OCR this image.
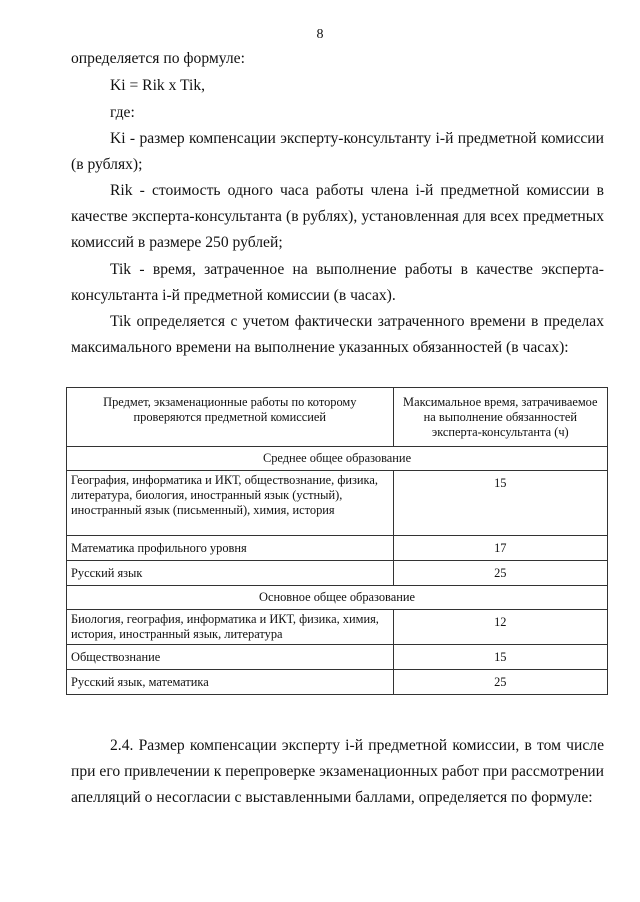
8

определяется по формуле:

Ki = Rik x Tik,

где:

Ki - размер компенсации эксперту-консультанту i-й предметной комиссии (в рублях);

Rik - стоимость одного часа работы члена i-й предметной комиссии в качестве эксперта-консультанта (в рублях), установленная для всех предметных комиссий в размере 250 рублей;

Tik - время, затраченное на выполнение работы в качестве эксперта-консультанта i-й предметной комиссии (в часах).

Tik определяется с учетом фактически затраченного времени в пределах максимального времени на выполнение указанных обязанностей (в часах):

Предмет, экзаменационные работы по которому проверяются предметной комиссией	Максимальное время, затрачиваемое на выполнение обязанностей эксперта-консультанта (ч)
Среднее общее образование	
География, информатика и ИКТ, обществознание, физика, литература, биология, иностранный язык (устный), иностранный язык (письменный), химия, история	15
Математика профильного уровня	17
Русский язык	25
Основное общее образование	
Биология, география, информатика и ИКТ, физика, химия, история, иностранный язык, литература	12
Обществознание	15
Русский язык, математика	25

2.4. Размер компенсации эксперту i-й предметной комиссии, в том числе при его привлечении к перепроверке экзаменационных работ при рассмотрении апелляций о несогласии с выставленными баллами, определяется по формуле:
